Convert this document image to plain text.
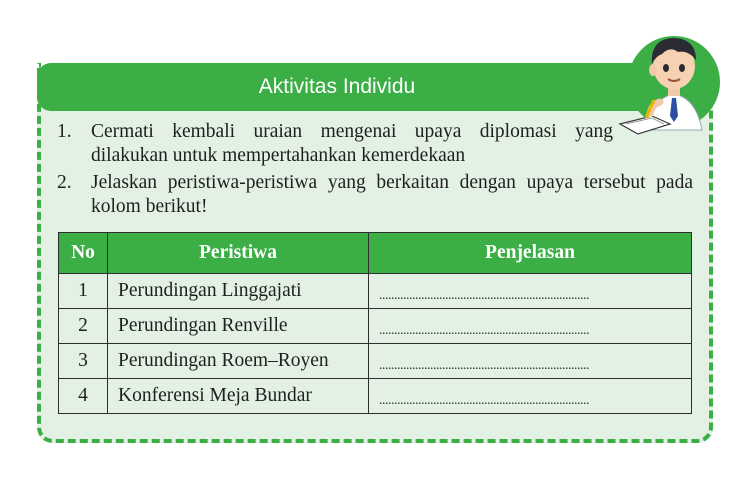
Aktivitas Individu
1. Cermati kembali uraian mengenai upaya diplomasi yang dilakukan untuk mempertahankan kemerdekaan
2. Jelaskan peristiwa-peristiwa yang berkaitan dengan upaya tersebut pada kolom berikut!
No	Peristiwa	Penjelasan
1	Perundingan Linggajati	......................................................................
2	Perundingan Renville	......................................................................
3	Perundingan Roem–Royen	......................................................................
4	Konferensi Meja Bundar	......................................................................
